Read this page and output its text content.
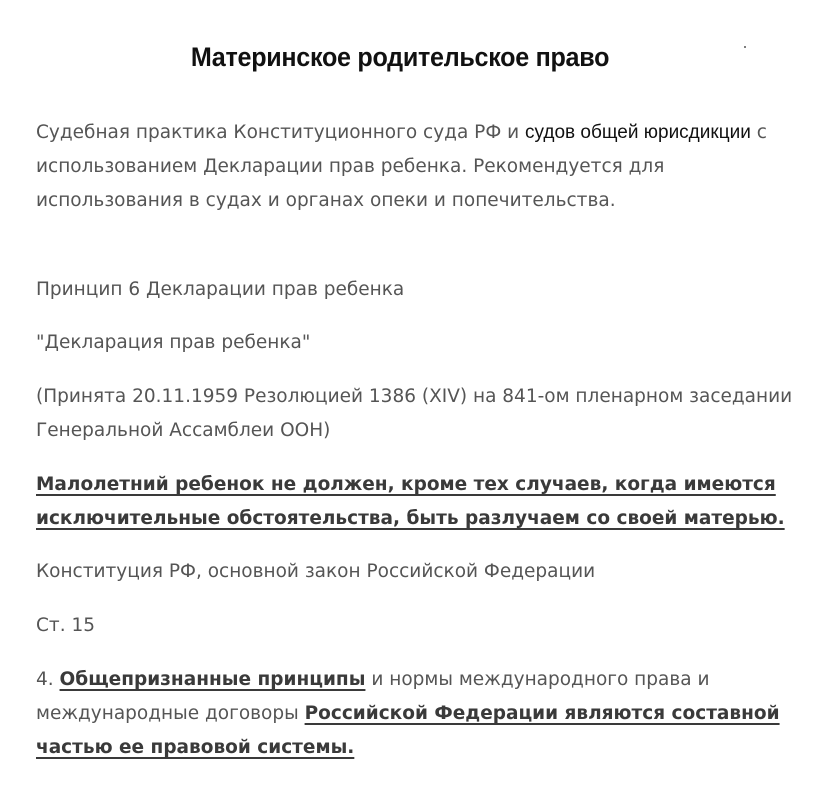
Материнское родительское право

Судебная практика Конституционного суда РФ и судов общей юрисдикции с использованием Декларации прав ребенка. Рекомендуется для использования в судах и органах опеки и попечительства.

Принцип 6 Декларации прав ребенка

"Декларация прав ребенка"

(Принята 20.11.1959 Резолюцией 1386 (XIV) на 841-ом пленарном заседании Генеральной Ассамблеи ООН)

Малолетний ребенок не должен, кроме тех случаев, когда имеются исключительные обстоятельства, быть разлучаем со своей матерью.

Конституция РФ, основной закон Российской Федерации

Ст. 15

4. Общепризнанные принципы и нормы международного права и международные договоры Российской Федерации являются составной частью ее правовой системы.
